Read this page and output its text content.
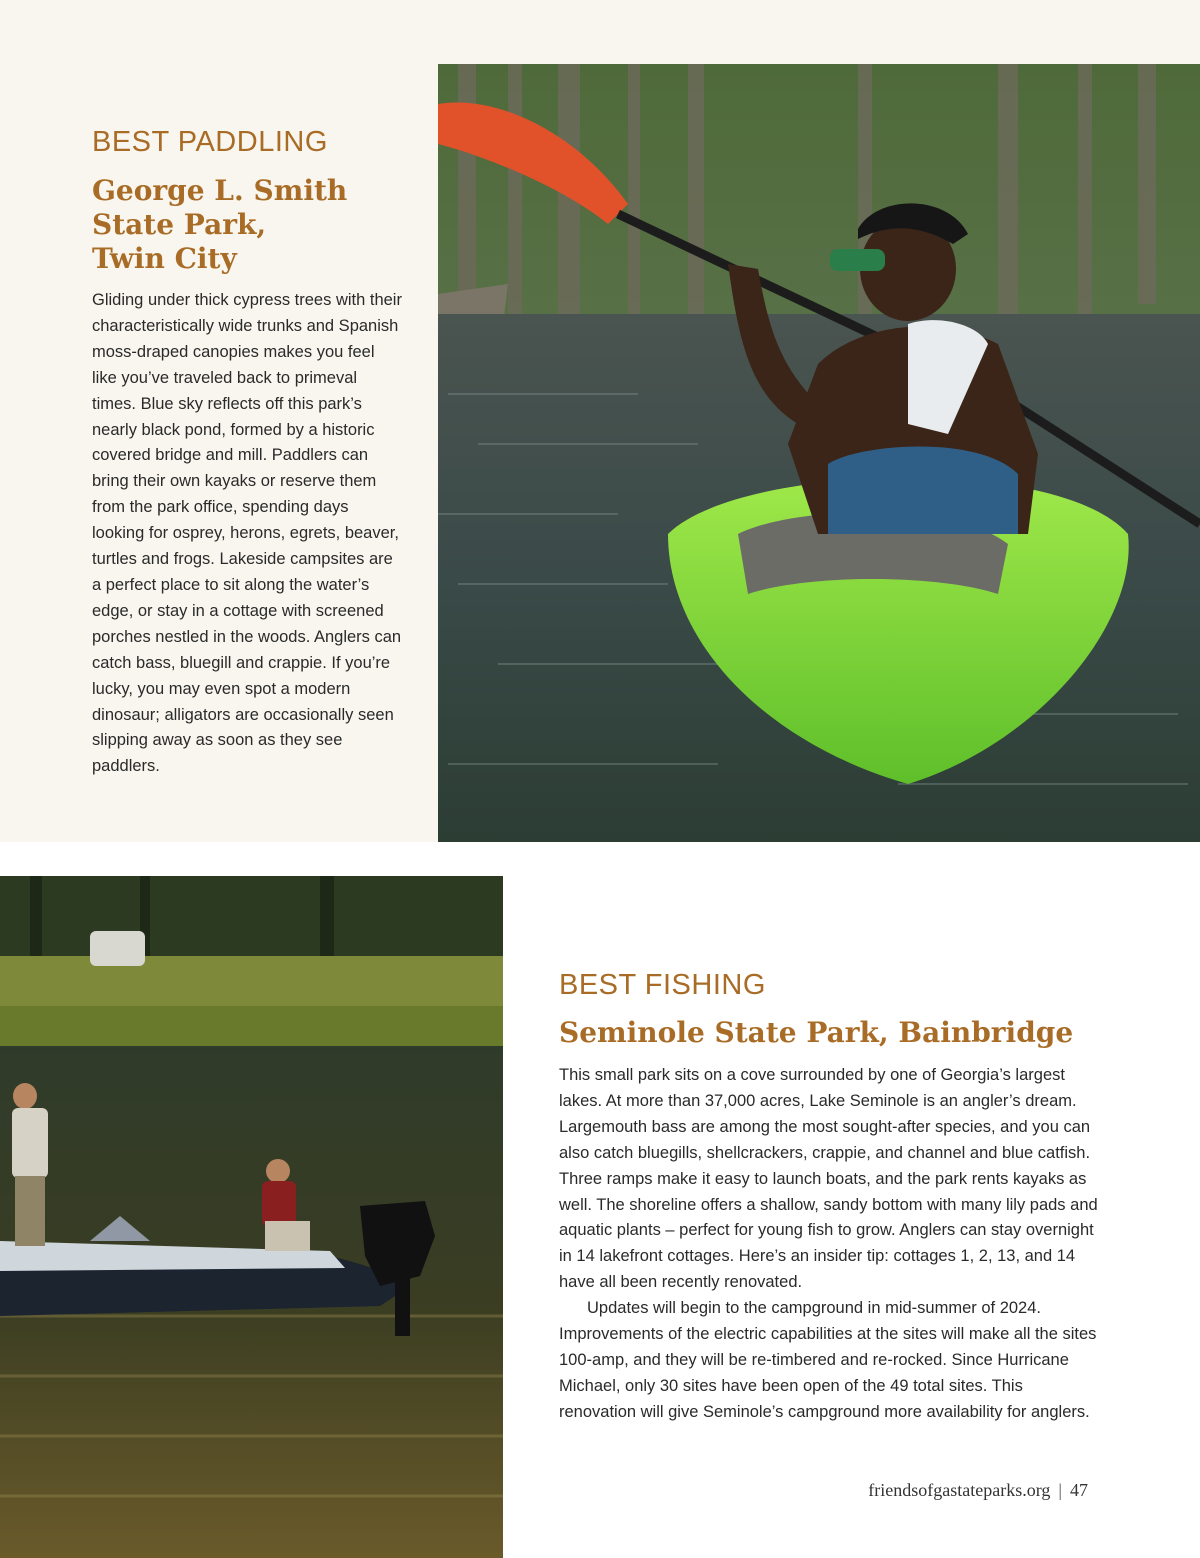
BEST PADDLING
George L. Smith
State Park,
Twin City

Gliding under thick cypress trees with their characteristically wide trunks and Spanish moss-draped canopies makes you feel like you’ve traveled back to primeval times. Blue sky reflects off this park’s nearly black pond, formed by a historic covered bridge and mill. Paddlers can bring their own kayaks or reserve them from the park office, spending days looking for osprey, herons, egrets, beaver, turtles and frogs. Lakeside campsites are a perfect place to sit along the water’s edge, or stay in a cottage with screened porches nestled in the woods. Anglers can catch bass, bluegill and crappie. If you’re lucky, you may even spot a modern dinosaur; alligators are occasionally seen slipping away as soon as they see paddlers.

BEST FISHING
Seminole State Park, Bainbridge

This small park sits on a cove surrounded by one of Georgia’s largest lakes. At more than 37,000 acres, Lake Seminole is an angler’s dream. Largemouth bass are among the most sought-after species, and you can also catch bluegills, shellcrackers, crappie, and channel and blue catfish. Three ramps make it easy to launch boats, and the park rents kayaks as well. The shoreline offers a shallow, sandy bottom with many lily pads and aquatic plants – perfect for young fish to grow. Anglers can stay overnight in 14 lakefront cottages. Here’s an insider tip: cottages 1, 2, 13, and 14 have all been recently renovated.

Updates will begin to the campground in mid-summer of 2024. Improvements of the electric capabilities at the sites will make all the sites 100-amp, and they will be re-timbered and re-rocked. Since Hurricane Michael, only 30 sites have been open of the 49 total sites. This renovation will give Seminole’s campground more availability for anglers.

friendsofgastateparks.org | 47
